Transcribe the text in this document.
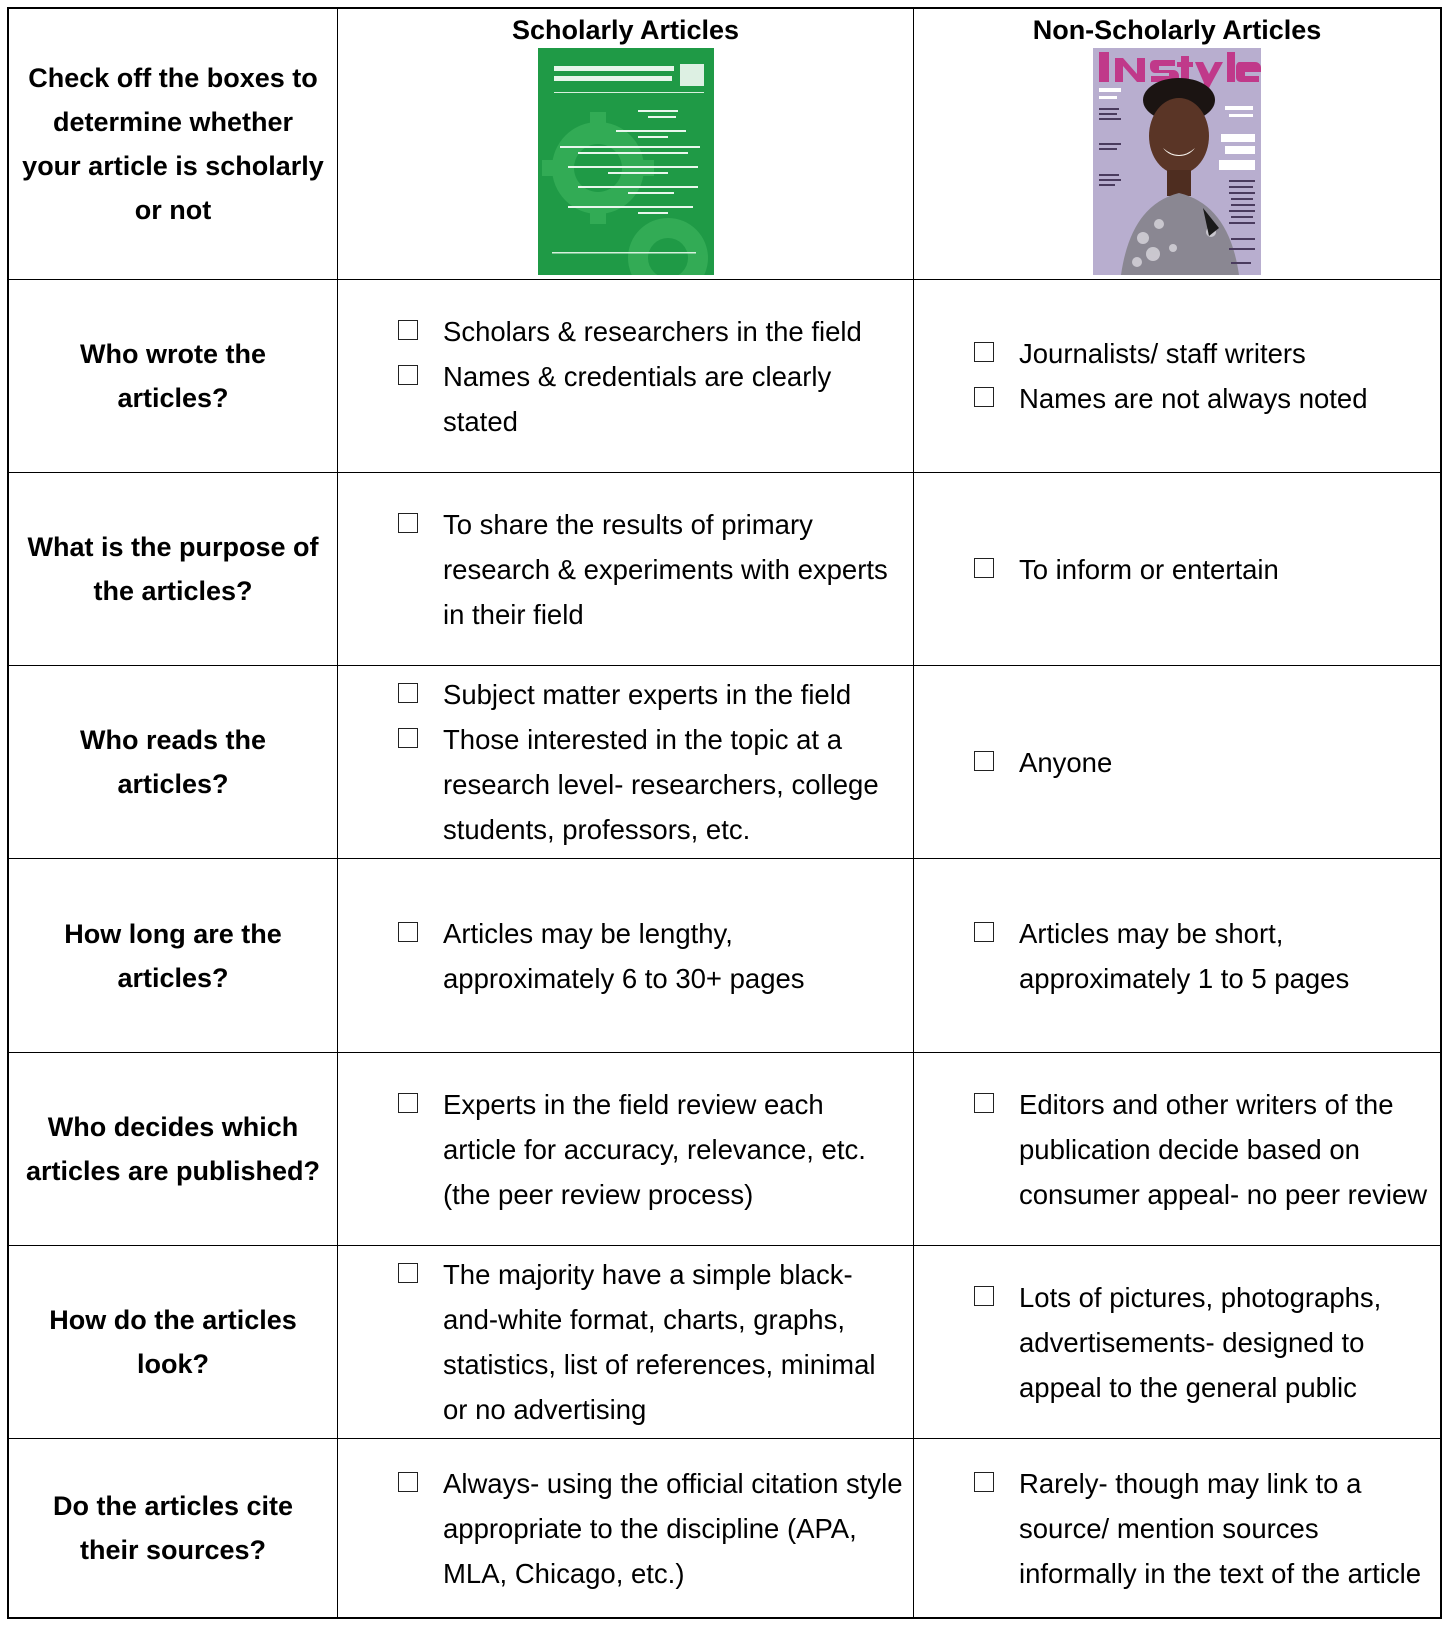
Check off the boxes to determine whether your article is scholarly or not
Scholarly Articles	Non-Scholarly Articles
Who wrote the articles?
Scholars & researchers in the field
Names & credentials are clearly stated
Journalists/ staff writers
Names are not always noted
What is the purpose of the articles?
To share the results of primary research & experiments with experts in their field
To inform or entertain
Who reads the articles?
Subject matter experts in the field
Those interested in the topic at a research level- researchers, college students, professors, etc.
Anyone
How long are the articles?
Articles may be lengthy, approximately 6 to 30+ pages
Articles may be short, approximately 1 to 5 pages
Who decides which articles are published?
Experts in the field review each article for accuracy, relevance, etc. (the peer review process)
Editors and other writers of the publication decide based on consumer appeal- no peer review
How do the articles look?
The majority have a simple black-and-white format, charts, graphs, statistics, list of references, minimal or no advertising
Lots of pictures, photographs, advertisements- designed to appeal to the general public
Do the articles cite their sources?
Always- using the official citation style appropriate to the discipline (APA, MLA, Chicago, etc.)
Rarely- though may link to a source/ mention sources informally in the text of the article
